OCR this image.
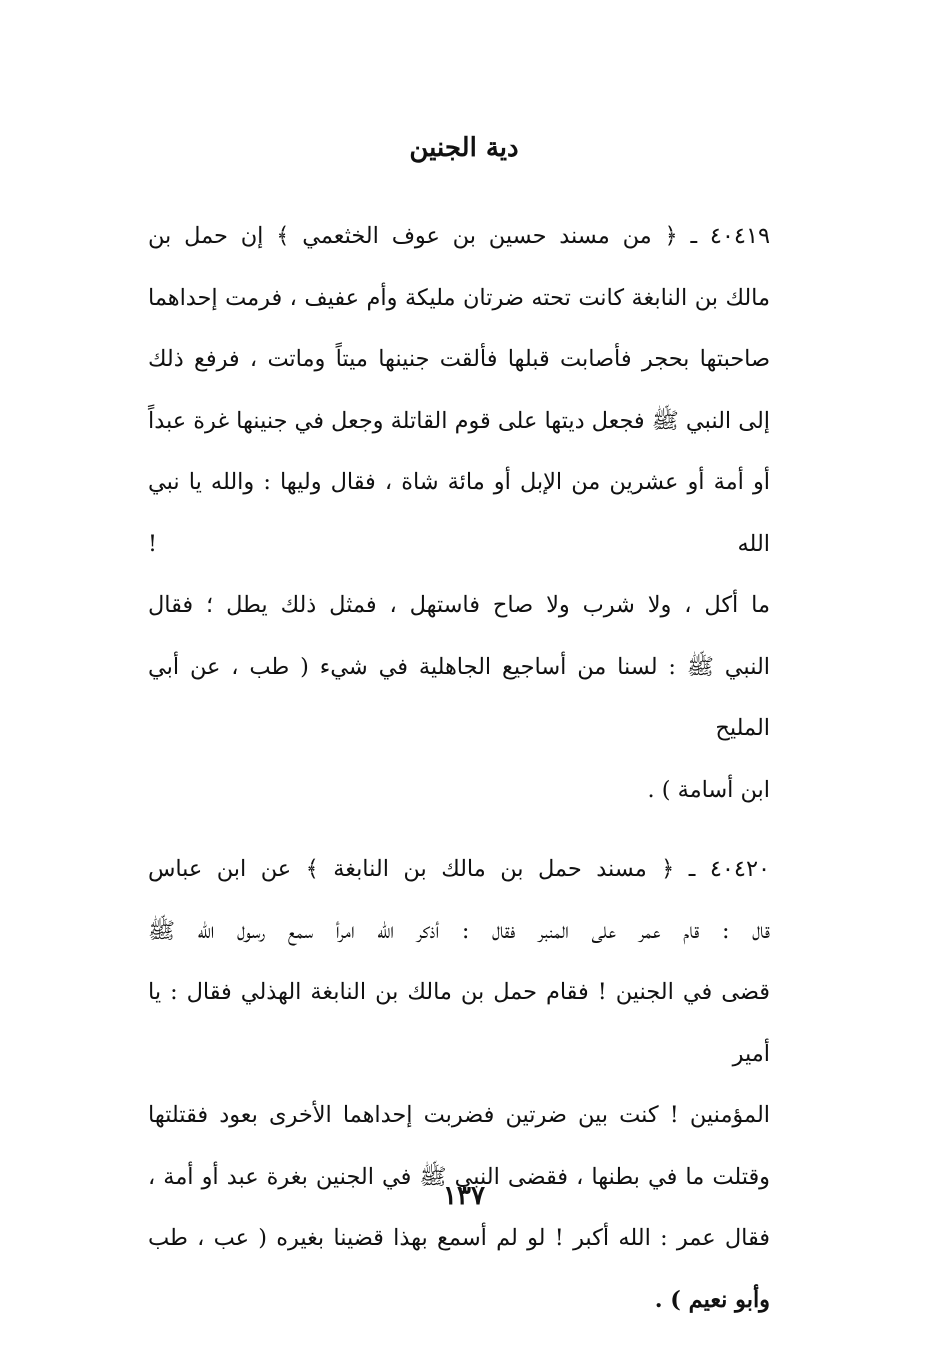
دية الجنين

٤٠٤١٩ ـ ﴿ من مسند حسين بن عوف الخثعمي ﴾ إن حمل بن
مالك بن النابغة كانت تحته ضرتان مليكة وأم عفيف ، فرمت إحداهما
صاحبتها بحجر فأصابت قبلها فألقت جنينها ميتاً وماتت ، فرفع ذلك
إلى النبي ﷺ فجعل ديتها على قوم القاتلة وجعل في جنينها غرة عبداً
أو أمة أو عشرين من الإبل أو مائة شاة ، فقال وليها : والله يا نبي الله !
ما أكل ، ولا شرب ولا صاح فاستهل ، فمثل ذلك يطل ؛ فقال
النبي ﷺ : لسنا من أساجيع الجاهلية في شيء ( طب ، عن أبي المليح
ابن أسامة ) .

٤٠٤٢٠ ـ ﴿ مسند حمل بن مالك بن النابغة ﴾ عن ابن عباس
قال : قام عمر على المنبر فقال : أذكر الله امرأ سمع رسول الله ﷺ
قضى في الجنين ! فقام حمل بن مالك بن النابغة الهذلي فقال : يا أمير
المؤمنين ! كنت بين ضرتين فضربت إحداهما الأخرى بعود فقتلتها
وقتلت ما في بطنها ، فقضى النبي ﷺ في الجنين بغرة عبد أو أمة ،
فقال عمر : الله أكبر ! لو لم أسمع بهذا قضينا بغيره ( عب ، طب
وأبو نعيم ) .

١٣٧
